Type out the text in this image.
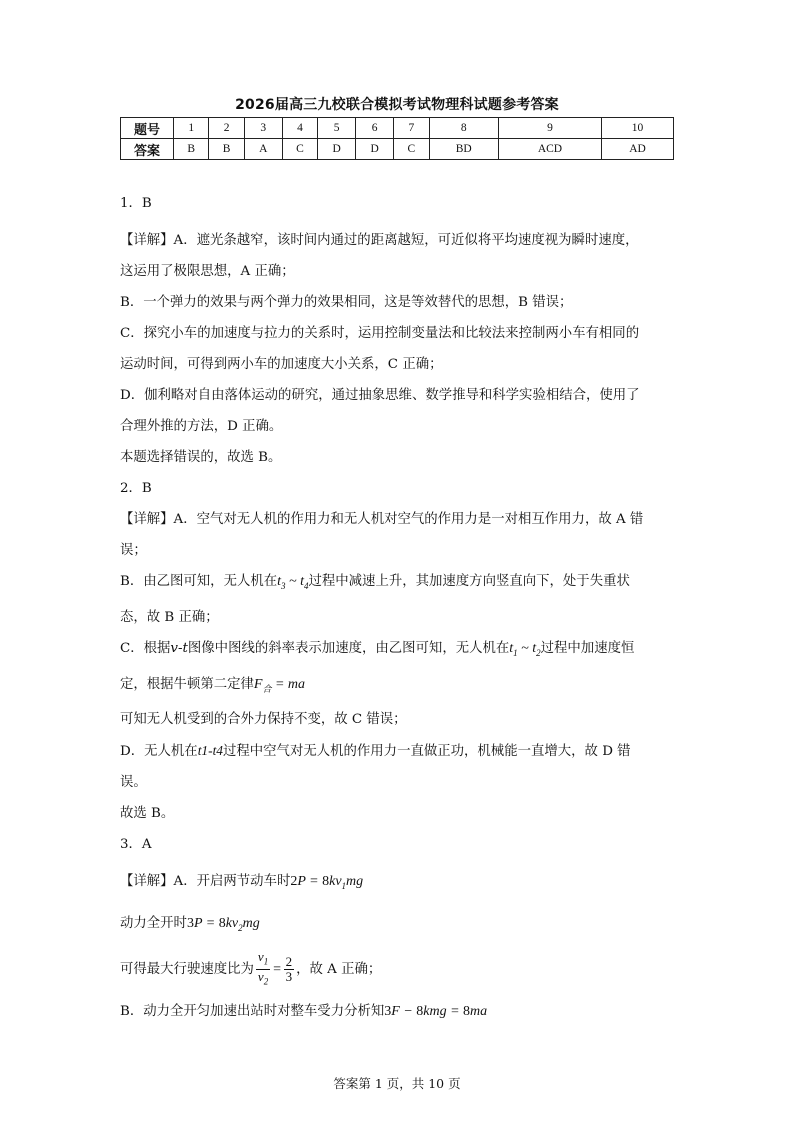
2026届高三九校联合模拟考试物理科试题参考答案
题号	1	2	3	4	5	6	7	8	9	10
答案	B	B	A	C	D	D	C	BD	ACD	AD

1．B

【详解】A．遮光条越窄，该时间内通过的距离越短，可近似将平均速度视为瞬时速度，

这运用了极限思想，A 正确；

B．一个弹力的效果与两个弹力的效果相同，这是等效替代的思想，B 错误；

C．探究小车的加速度与拉力的关系时，运用控制变量法和比较法来控制两小车有相同的

运动时间，可得到两小车的加速度大小关系，C 正确；

D．伽利略对自由落体运动的研究，通过抽象思维、数学推导和科学实验相结合，使用了

合理外推的方法，D 正确。

本题选择错误的，故选 B。

2．B

【详解】A．空气对无人机的作用力和无人机对空气的作用力是一对相互作用力，故 A 错

误；

B．由乙图可知，无人机在$t_3$ ~ $t_4$过程中减速上升，其加速度方向竖直向下，处于失重状

态，故 B 正确；

C．根据v-t图像中图线的斜率表示加速度，由乙图可知，无人机在$t_1$ ~ $t_2$过程中加速度恒

定，根据牛顿第二定律$F_合$ = ma

可知无人机受到的合外力保持不变，故 C 错误；

D．无人机在t1-t4过程中空气对无人机的作用力一直做正功，机械能一直增大，故 D 错

误。

故选 B。

3．A

【详解】A．开启两节动车时$2P = 8kv_1mg$

动力全开时$3P = 8kv_2mg$

可得最大行驶速度比为 $\frac{v_1}{v_2} = \frac{2}{3}$ ，故 A 正确；

B．动力全开匀加速出站时对整车受力分析知3F − 8kmg = 8ma

答案第 1 页，共 10 页
